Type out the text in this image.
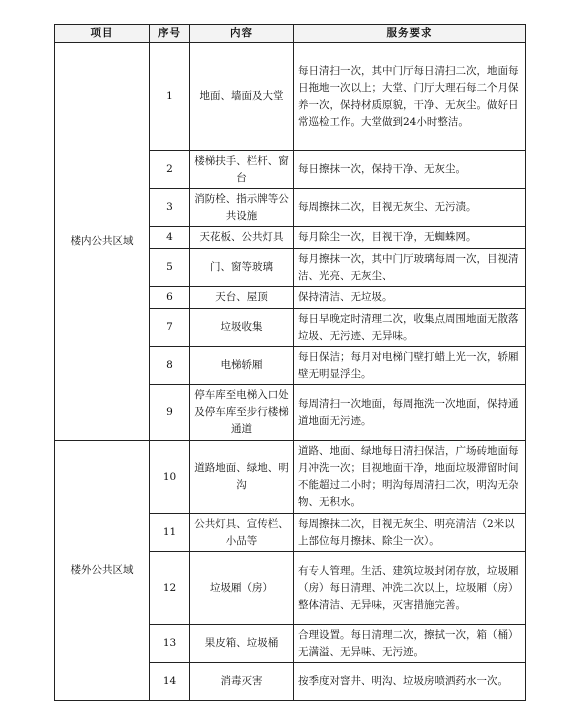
项目	序号	内容	服务要求
楼内公共区域	1	地面、墙面及大堂	每日清扫一次，其中门厅每日清扫二次，地面每日拖地一次以上；大堂、门厅大理石每二个月保养一次，保持材质原貌，干净、无灰尘。做好日常巡检工作。大堂做到24小时整洁。
	2	楼梯扶手、栏杆、窗台	每日擦抹一次，保持干净、无灰尘。
	3	消防栓、指示牌等公共设施	每周擦抹二次，目视无灰尘、无污渍。
	4	天花板、公共灯具	每月除尘一次，目视干净，无蜘蛛网。
	5	门、窗等玻璃	每月擦抹一次，其中门厅玻璃每周一次，目视清洁、光亮、无灰尘、
	6	天台、屋顶	保持清洁、无垃圾。
	7	垃圾收集	每日早晚定时清理二次，收集点周围地面无散落垃圾、无污迹、无异味。
	8	电梯轿厢	每日保洁；每月对电梯门壁打蜡上光一次，轿厢壁无明显浮尘。
	9	停车库至电梯入口处及停车库至步行楼梯通道	每周清扫一次地面，每周拖洗一次地面，保持通道地面无污迹。
楼外公共区域	10	道路地面、绿地、明沟	道路、地面、绿地每日清扫保洁，广场砖地面每月冲洗一次；目视地面干净，地面垃圾滞留时间不能超过二小时；明沟每周清扫二次，明沟无杂物、无积水。
	11	公共灯具、宣传栏、小品等	每周擦抹二次，目视无灰尘、明亮清洁（2米以上部位每月擦抹、除尘一次）。
	12	垃圾厢（房）	有专人管理。生活、建筑垃圾封闭存放，垃圾厢（房）每日清理、冲洗二次以上，垃圾厢（房）整体清洁、无异味，灭害措施完善。
	13	果皮箱、垃圾桶	合理设置。每日清理二次，擦拭一次，箱（桶）无满溢、无异味、无污迹。
	14	消毒灭害	按季度对窨井、明沟、垃圾房喷洒药水一次。
